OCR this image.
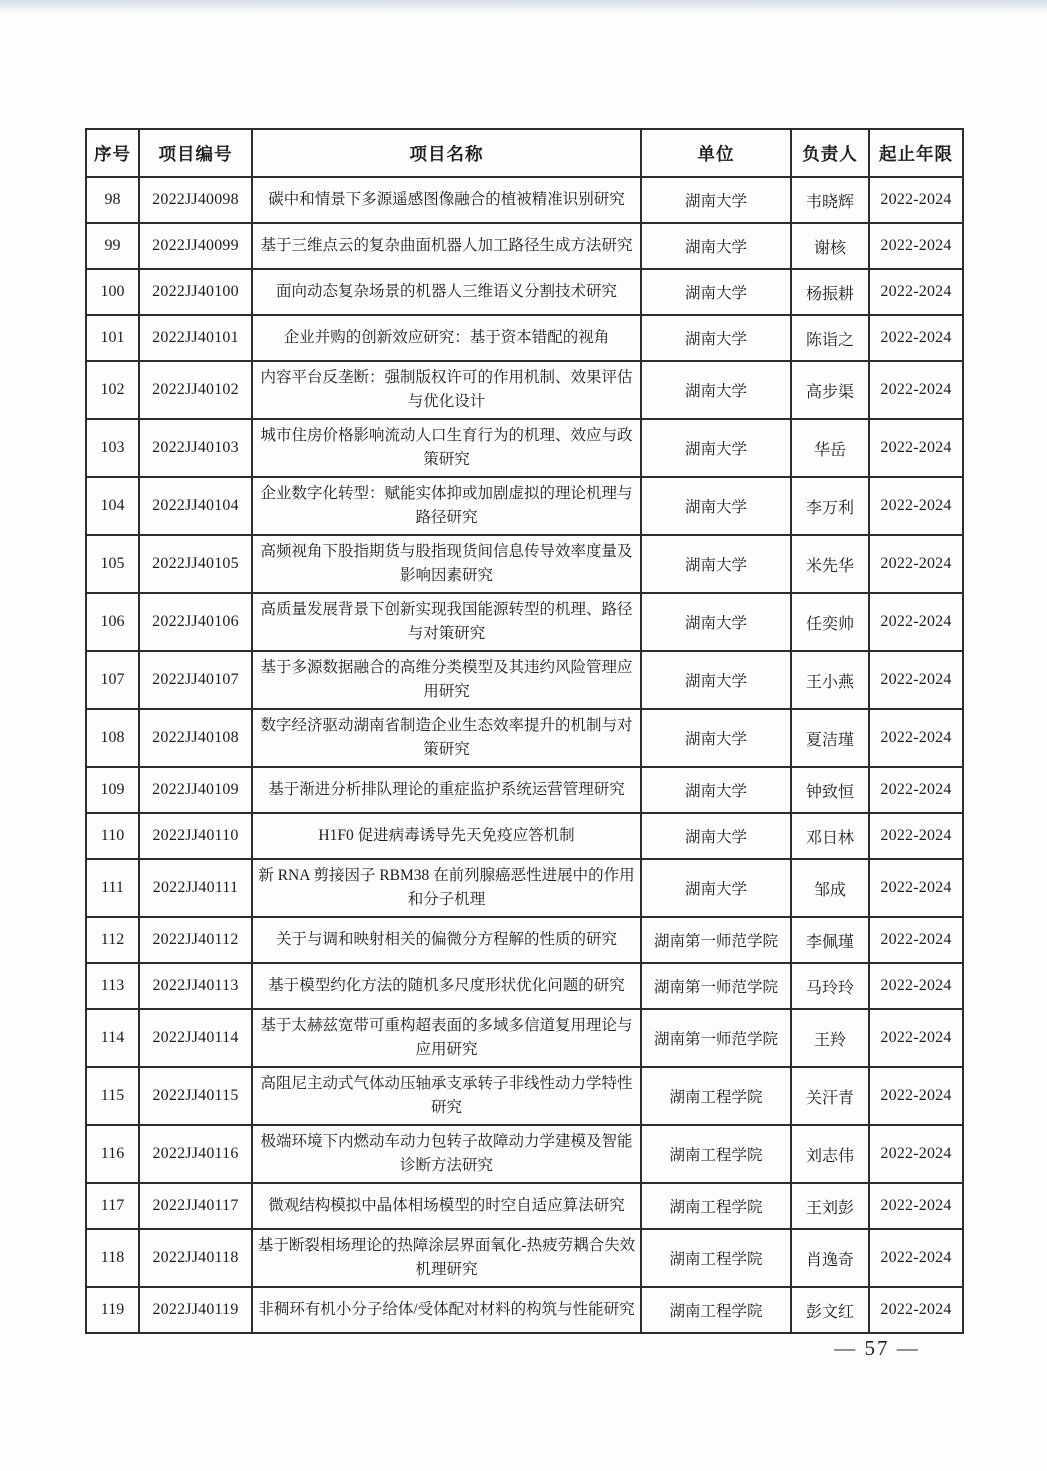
序号	项目编号	项目名称	单位	负责人	起止年限
98	2022JJ40098	碳中和情景下多源遥感图像融合的植被精准识别研究	湖南大学	韦晓辉	2022-2024
99	2022JJ40099	基于三维点云的复杂曲面机器人加工路径生成方法研究	湖南大学	谢核	2022-2024
100	2022JJ40100	面向动态复杂场景的机器人三维语义分割技术研究	湖南大学	杨振耕	2022-2024
101	2022JJ40101	企业并购的创新效应研究：基于资本错配的视角	湖南大学	陈诣之	2022-2024
102	2022JJ40102	内容平台反垄断：强制版权许可的作用机制、效果评估与优化设计	湖南大学	高步渠	2022-2024
103	2022JJ40103	城市住房价格影响流动人口生育行为的机理、效应与政策研究	湖南大学	华岳	2022-2024
104	2022JJ40104	企业数字化转型：赋能实体抑或加剧虚拟的理论机理与路径研究	湖南大学	李万利	2022-2024
105	2022JJ40105	高频视角下股指期货与股指现货间信息传导效率度量及影响因素研究	湖南大学	米先华	2022-2024
106	2022JJ40106	高质量发展背景下创新实现我国能源转型的机理、路径与对策研究	湖南大学	任奕帅	2022-2024
107	2022JJ40107	基于多源数据融合的高维分类模型及其违约风险管理应用研究	湖南大学	王小燕	2022-2024
108	2022JJ40108	数字经济驱动湖南省制造企业生态效率提升的机制与对策研究	湖南大学	夏洁瑾	2022-2024
109	2022JJ40109	基于渐进分析排队理论的重症监护系统运营管理研究	湖南大学	钟致恒	2022-2024
110	2022JJ40110	H1F0 促进病毒诱导先天免疫应答机制	湖南大学	邓日林	2022-2024
111	2022JJ40111	新 RNA 剪接因子 RBM38 在前列腺癌恶性进展中的作用和分子机理	湖南大学	邹成	2022-2024
112	2022JJ40112	关于与调和映射相关的偏微分方程解的性质的研究	湖南第一师范学院	李佩瑾	2022-2024
113	2022JJ40113	基于模型约化方法的随机多尺度形状优化问题的研究	湖南第一师范学院	马玲玲	2022-2024
114	2022JJ40114	基于太赫兹宽带可重构超表面的多域多信道复用理论与应用研究	湖南第一师范学院	王羚	2022-2024
115	2022JJ40115	高阻尼主动式气体动压轴承支承转子非线性动力学特性研究	湖南工程学院	关汗青	2022-2024
116	2022JJ40116	极端环境下内燃动车动力包转子故障动力学建模及智能诊断方法研究	湖南工程学院	刘志伟	2022-2024
117	2022JJ40117	微观结构模拟中晶体相场模型的时空自适应算法研究	湖南工程学院	王刘彭	2022-2024
118	2022JJ40118	基于断裂相场理论的热障涂层界面氧化-热疲劳耦合失效机理研究	湖南工程学院	肖逸奇	2022-2024
119	2022JJ40119	非稠环有机小分子给体/受体配对材料的构筑与性能研究	湖南工程学院	彭文红	2022-2024
— 57 —
